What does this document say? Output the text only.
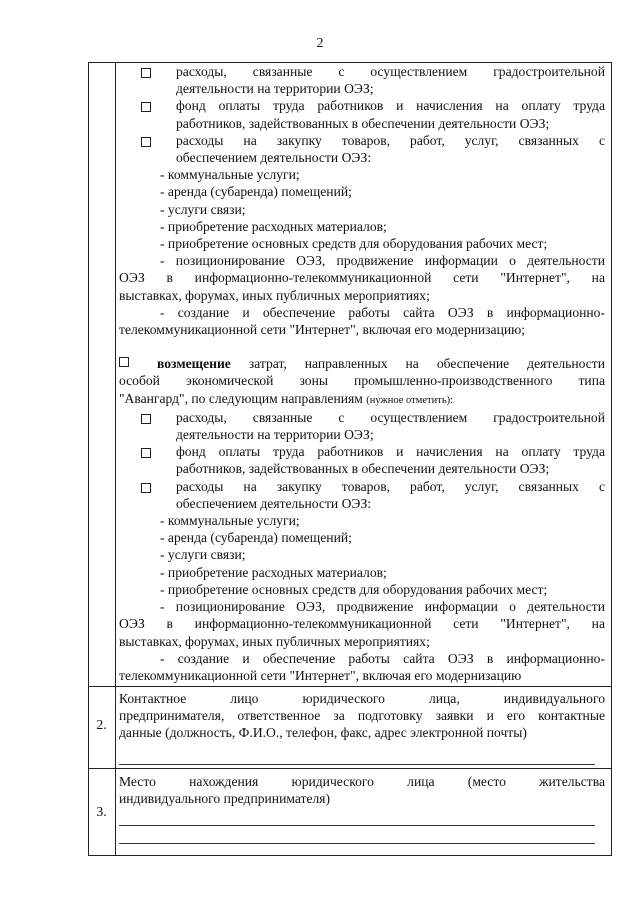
2
расходы, связанные с осуществлением градостроительной
деятельности на территории ОЭЗ;
фонд оплаты труда работников и начисления на оплату труда
работников, задействованных в обеспечении деятельности ОЭЗ;
расходы на закупку товаров, работ, услуг, связанных с
обеспечением деятельности ОЭЗ:
- коммунальные услуги;
- аренда (субаренда) помещений;
- услуги связи;
- приобретение расходных материалов;
- приобретение основных средств для оборудования рабочих мест;
- позиционирование ОЭЗ, продвижение информации о деятельности
ОЭЗ в информационно-телекоммуникационной сети "Интернет", на
выставках, форумах, иных публичных мероприятиях;
- создание и обеспечение работы сайта ОЭЗ в информационно-
телекоммуникационной сети "Интернет", включая его модернизацию;
возмещение затрат, направленных на обеспечение деятельности
особой экономической зоны промышленно-производственного типа
"Авангард", по следующим направлениям (нужное отметить):
расходы, связанные с осуществлением градостроительной
деятельности на территории ОЭЗ;
фонд оплаты труда работников и начисления на оплату труда
работников, задействованных в обеспечении деятельности ОЭЗ;
расходы на закупку товаров, работ, услуг, связанных с
обеспечением деятельности ОЭЗ:
- коммунальные услуги;
- аренда (субаренда) помещений;
- услуги связи;
- приобретение расходных материалов;
- приобретение основных средств для оборудования рабочих мест;
- позиционирование ОЭЗ, продвижение информации о деятельности
ОЭЗ в информационно-телекоммуникационной сети "Интернет", на
выставках, форумах, иных публичных мероприятиях;
- создание и обеспечение работы сайта ОЭЗ в информационно-
телекоммуникационной сети "Интернет", включая его модернизацию
2.
Контактное лицо юридического лица, индивидуального
предпринимателя, ответственное за подготовку заявки и его контактные
данные (должность, Ф.И.О., телефон, факс, адрес электронной почты)
3.
Место нахождения юридического лица (место жительства
индивидуального предпринимателя)
